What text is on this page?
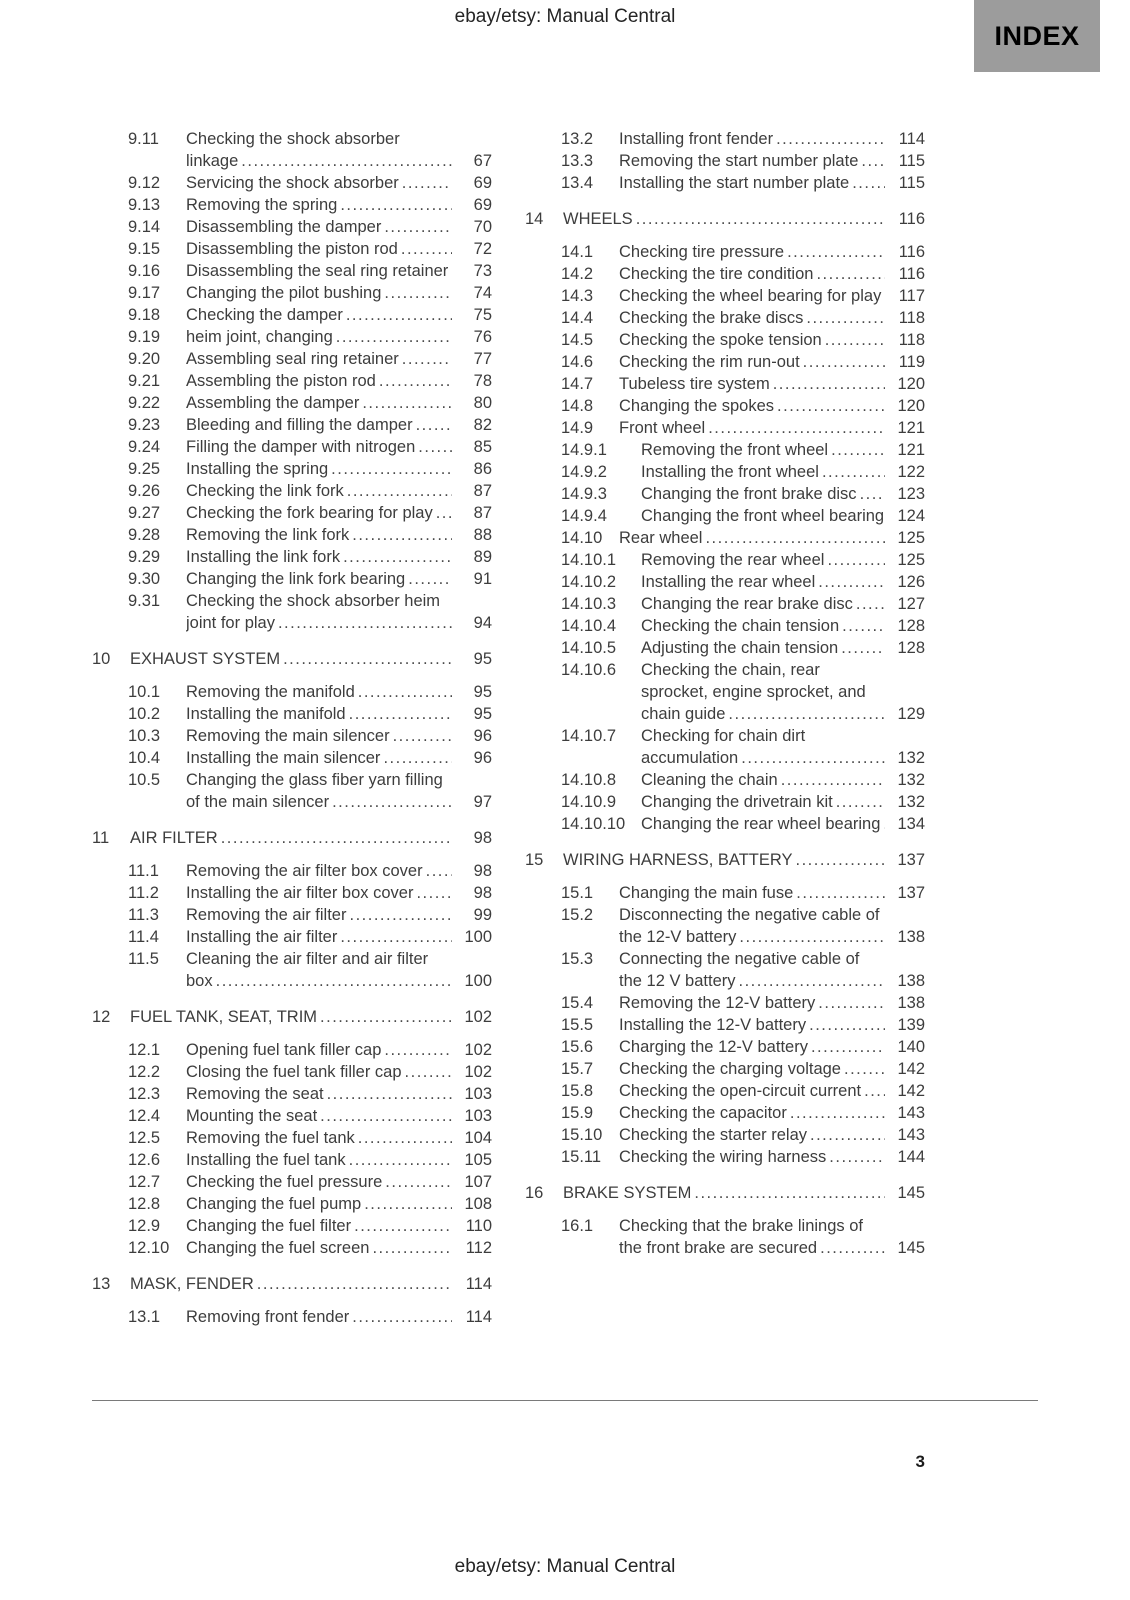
ebay/etsy: Manual Central
INDEX
9.11	Checking the shock absorber linkage .....	67
9.12	Servicing the shock absorber .....	69
9.13	Removing the spring .....	69
9.14	Disassembling the damper .....	70
9.15	Disassembling the piston rod .....	72
9.16	Disassembling the seal ring retainer .....	73
9.17	Changing the pilot bushing .....	74
9.18	Checking the damper .....	75
9.19	heim joint, changing .....	76
9.20	Assembling seal ring retainer .....	77
9.21	Assembling the piston rod .....	78
9.22	Assembling the damper .....	80
9.23	Bleeding and filling the damper .....	82
9.24	Filling the damper with nitrogen .....	85
9.25	Installing the spring .....	86
9.26	Checking the link fork .....	87
9.27	Checking the fork bearing for play .....	87
9.28	Removing the link fork .....	88
9.29	Installing the link fork .....	89
9.30	Changing the link fork bearing .....	91
9.31	Checking the shock absorber heim joint for play .....	94
10	EXHAUST SYSTEM .....	95
10.1	Removing the manifold .....	95
10.2	Installing the manifold .....	95
10.3	Removing the main silencer .....	96
10.4	Installing the main silencer .....	96
10.5	Changing the glass fiber yarn filling of the main silencer .....	97
11	AIR FILTER .....	98
11.1	Removing the air filter box cover .....	98
11.2	Installing the air filter box cover .....	98
11.3	Removing the air filter .....	99
11.4	Installing the air filter .....	100
11.5	Cleaning the air filter and air filter box .....	100
12	FUEL TANK, SEAT, TRIM .....	102
12.1	Opening fuel tank filler cap .....	102
12.2	Closing the fuel tank filler cap .....	102
12.3	Removing the seat .....	103
12.4	Mounting the seat .....	103
12.5	Removing the fuel tank .....	104
12.6	Installing the fuel tank .....	105
12.7	Checking the fuel pressure .....	107
12.8	Changing the fuel pump .....	108
12.9	Changing the fuel filter .....	110
12.10	Changing the fuel screen .....	112
13	MASK, FENDER .....	114
13.1	Removing front fender .....	114
13.2	Installing front fender .....	114
13.3	Removing the start number plate .....	115
13.4	Installing the start number plate .....	115
14	WHEELS .....	116
14.1	Checking tire pressure .....	116
14.2	Checking the tire condition .....	116
14.3	Checking the wheel bearing for play .....	117
14.4	Checking the brake discs .....	118
14.5	Checking the spoke tension .....	118
14.6	Checking the rim run-out .....	119
14.7	Tubeless tire system .....	120
14.8	Changing the spokes .....	120
14.9	Front wheel .....	121
14.9.1	Removing the front wheel .....	121
14.9.2	Installing the front wheel .....	122
14.9.3	Changing the front brake disc .....	123
14.9.4	Changing the front wheel bearing ..... 124
14.10	Rear wheel .....	125
14.10.1	Removing the rear wheel .....	125
14.10.2	Installing the rear wheel .....	126
14.10.3	Changing the rear brake disc .....	127
14.10.4	Checking the chain tension .....	128
14.10.5	Adjusting the chain tension .....	128
14.10.6	Checking the chain, rear sprocket, engine sprocket, and chain guide .....	129
14.10.7	Checking for chain dirt accumulation .....	132
14.10.8	Cleaning the chain .....	132
14.10.9	Changing the drivetrain kit .....	132
14.10.10 Changing the rear wheel bearing .....	134
15	WIRING HARNESS, BATTERY .....	137
15.1	Changing the main fuse .....	137
15.2	Disconnecting the negative cable of the 12-V battery .....	138
15.3	Connecting the negative cable of the 12 V battery .....	138
15.4	Removing the 12-V battery .....	138
15.5	Installing the 12-V battery .....	139
15.6	Charging the 12-V battery .....	140
15.7	Checking the charging voltage .....	142
15.8	Checking the open-circuit current .....	142
15.9	Checking the capacitor .....	143
15.10	Checking the starter relay .....	143
15.11	Checking the wiring harness .....	144
16	BRAKE SYSTEM .....	145
16.1	Checking that the brake linings of the front brake are secured .....	145
3
ebay/etsy: Manual Central
